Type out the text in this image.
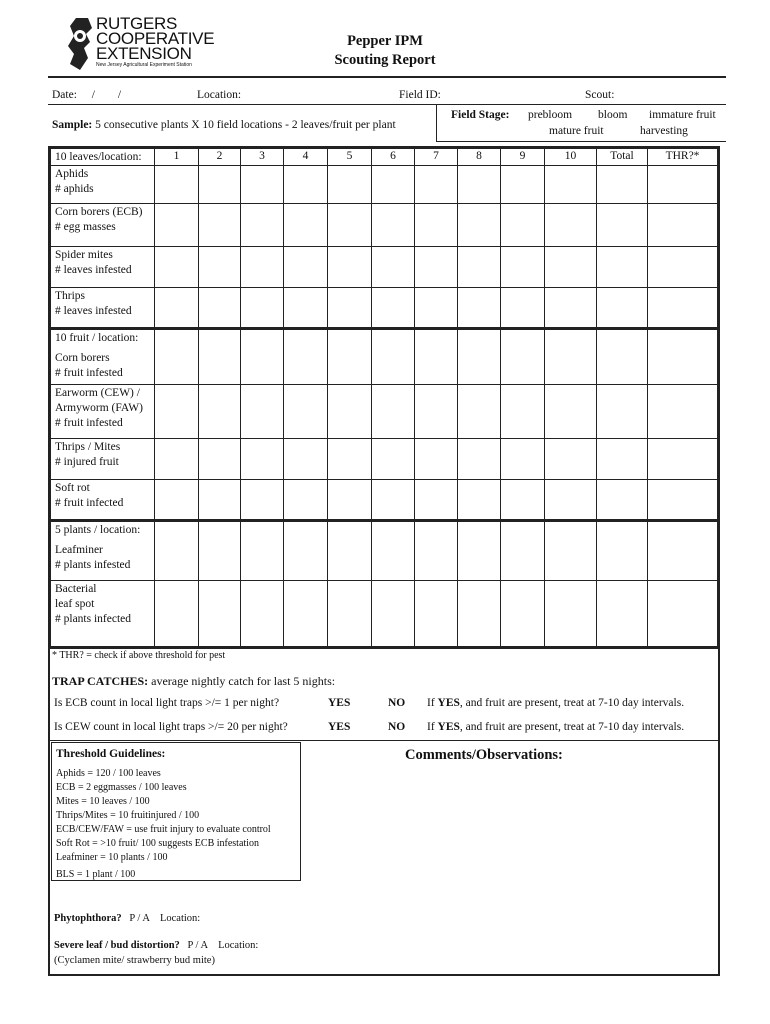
RUTGERS
COOPERATIVE
EXTENSION
New Jersey Agricultural Experiment Station
Pepper IPM
Scouting Report
Date: / /	Location:	Field ID:	Scout:
Sample: 5 consecutive plants X 10 field locations - 2 leaves/fruit per plant
Field Stage: prebloom bloom immature fruit
mature fruit	harvesting
10 leaves/location:	1	2	3	4	5	6	7	8	9	10	Total	THR?*

Aphids
# aphids												

Corn borers (ECB)
# egg masses												

Spider mites
# leaves infested												

Thrips
# leaves infested												

10 fruit / location:
Corn borers
# fruit infested												

Earworm (CEW) /
Armyworm (FAW)
# fruit infested												

Thrips / Mites
# injured fruit												

Soft rot
# fruit infected												

5 plants / location:
Leafminer
# plants infested												

Bacterial
leaf spot
# plants infected												

* THR? = check if above threshold for pest
TRAP CATCHES: average nightly catch for last 5 nights:
Is ECB count in local light traps >/= 1 per night?	YES	NO If YES, and fruit are present, treat at 7-10 day intervals.
Is CEW count in local light traps >/= 20 per night?	YES	NO If YES, and fruit are present, treat at 7-10 day intervals.
Threshold Guidelines:
Aphids = 120 / 100 leaves
ECB = 2 eggmasses / 100 leaves
Mites = 10 leaves / 100
Thrips/Mites = 10 fruitinjured / 100
ECB/CEW/FAW = use fruit injury to evaluate control
Soft Rot = >10 fruit/ 100 suggests ECB infestation
Leafminer = 10 plants / 100
BLS = 1 plant / 100
Comments/Observations:
Phytophthora? P / A Location:
Severe leaf / bud distortion? P / A Location:
(Cyclamen mite/ strawberry bud mite)
